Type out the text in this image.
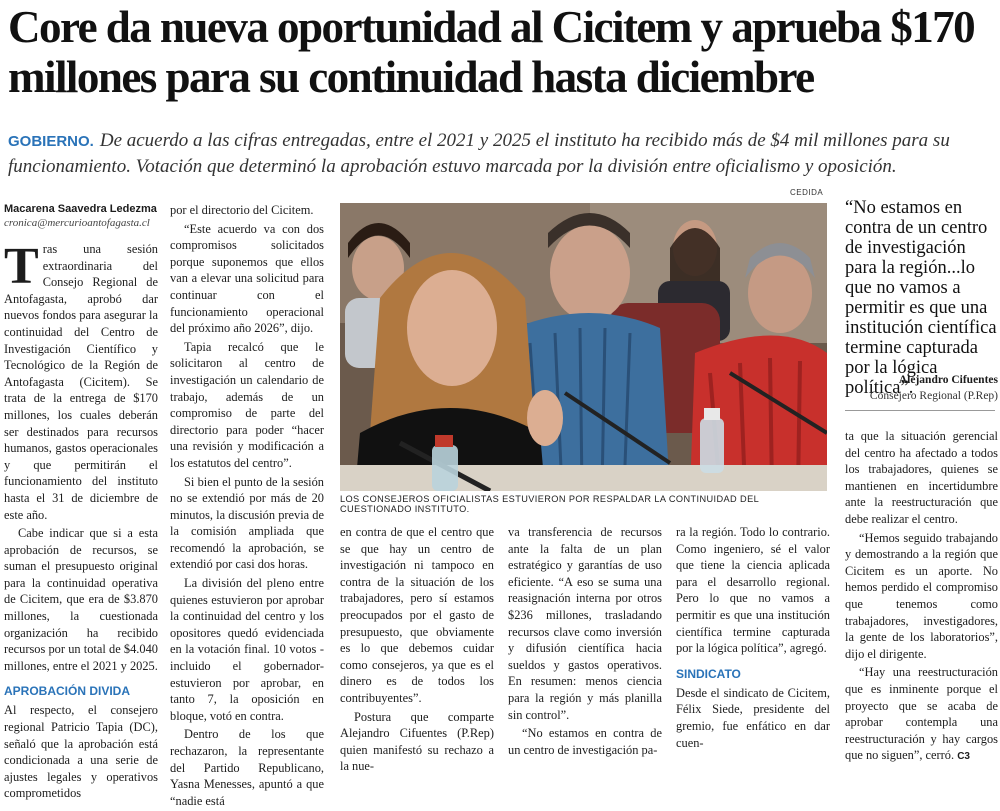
Core da nueva oportunidad al Cicitem y aprueba $170 millones para su continuidad hasta diciembre
GOBIERNO. De acuerdo a las cifras entregadas, entre el 2021 y 2025 el instituto ha recibido más de $4 mil millones para su funcionamiento. Votación que determinó la aprobación estuvo marcada por la división entre oficialismo y oposición.
Macarena Saavedra Ledezma
cronica@mercurioantofagasta.cl

Tras una sesión extraordinaria del Consejo Regional de Antofagasta, aprobó dar nuevos fondos para asegurar la continuidad del Centro de Investigación Científico y Tecnológico de la Región de Antofagasta (Cicitem). Se trata de la entrega de $170 millones, los cuales deberán ser destinados para recursos humanos, gastos operacionales y que permitirán el funcionamiento del instituto hasta el 31 de diciembre de este año.

Cabe indicar que si a esta aprobación de recursos, se suman el presupuesto original para la continuidad operativa de Cicitem, que era de $3.870 millones, la cuestionada organización ha recibido recursos por un total de $4.040 millones, entre el 2021 y 2025.

APROBACIÓN DIVIDA

Al respecto, el consejero regional Patricio Tapia (DC), señaló que la aprobación está condicionada a una serie de ajustes legales y operativos comprometidos

por el directorio del Cicitem.

“Este acuerdo va con dos compromisos solicitados porque suponemos que ellos van a elevar una solicitud para continuar con el funcionamiento operacional del próximo año 2026”, dijo.

Tapia recalcó que le solicitaron al centro de investigación un calendario de trabajo, además de un compromiso de parte del directorio para poder “hacer una revisión y modificación a los estatutos del centro”.

Si bien el punto de la sesión no se extendió por más de 20 minutos, la discusión previa de la comisión ampliada que recomendó la aprobación, se extendió por casi dos horas.

La división del pleno entre quienes estuvieron por aprobar la continuidad del centro y los opositores quedó evidenciada en la votación final. 10 votos -incluido el gobernador- estuvieron por aprobar, en tanto 7, la oposición en bloque, votó en contra.

Dentro de los que rechazaron, la representante del Partido Republicano, Yasna Menesses, apuntó a que “nadie está

CEDIDA
LOS CONSEJEROS OFICIALISTAS ESTUVIERON POR RESPALDAR LA CONTINUIDAD DEL CUESTIONADO INSTITUTO.
“No estamos en contra de un centro de investigación para la región...lo que no vamos a permitir es que una institución científica termine capturada por la lógica política”.
Alejandro Cifuentes
Consejero Regional (P.Rep)

en contra de que el centro que se que hay un centro de investigación ni tampoco en contra de la situación de los trabajadores, pero sí estamos preocupados por el gasto de presupuesto, que obviamente es lo que debemos cuidar como consejeros, ya que es el dinero es de todos los contribuyentes”.

Postura que comparte Alejandro Cifuentes (P.Rep) quien manifestó su rechazo a la nue-

va transferencia de recursos ante la falta de un plan estratégico y garantías de uso eficiente. “A eso se suma una reasignación interna por otros $236 millones, trasladando recursos clave como inversión y difusión científica hacia sueldos y gastos operativos. En resumen: menos ciencia para la región y más planilla sin control”.

“No estamos en contra de un centro de investigación pa-

ra la región. Todo lo contrario. Como ingeniero, sé el valor que tiene la ciencia aplicada para el desarrollo regional. Pero lo que no vamos a permitir es que una institución científica termine capturada por la lógica política”, agregó.

SINDICATO

Desde el sindicato de Cicitem, Félix Siede, presidente del gremio, fue enfático en dar cuen-

ta que la situación gerencial del centro ha afectado a todos los trabajadores, quienes se mantienen en incertidumbre ante la reestructuración que debe realizar el centro.

“Hemos seguido trabajando y demostrando a la región que Cicitem es un aporte. No hemos perdido el compromiso que tenemos como trabajadores, investigadores, la gente de los laboratorios”, dijo el dirigente.

“Hay una reestructuración que es inminente porque el proyecto que se acaba de aprobar contempla una reestructuración y hay cargos que no siguen”, cerró. C3
